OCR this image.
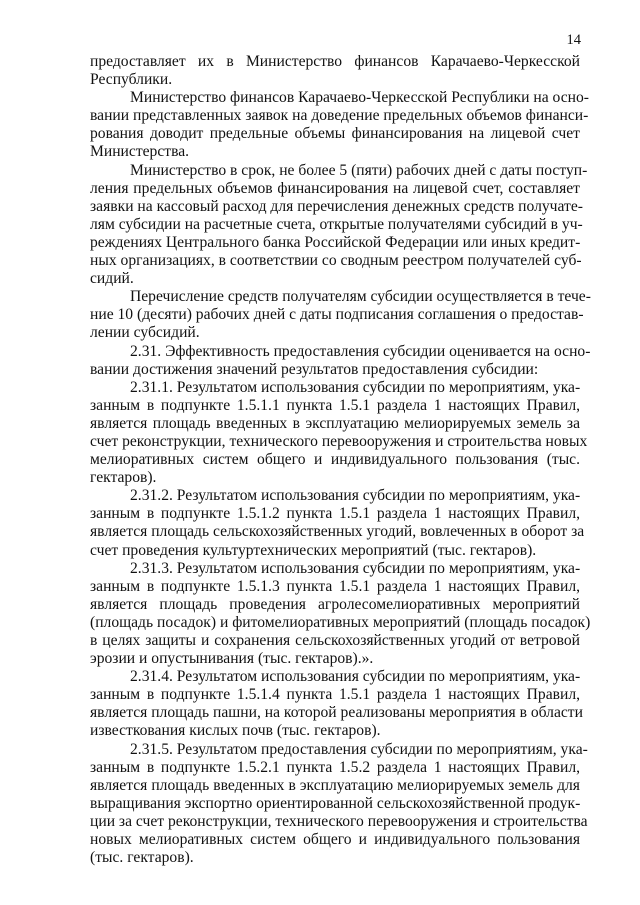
14
предоставляет их в Министерство финансов Карачаево-Черкесской
Республики.
Министерство финансов Карачаево-Черкесской Республики на осно-
вании представленных заявок на доведение предельных объемов финанси-
рования доводит предельные объемы финансирования на лицевой счет
Министерства.
Министерство в срок, не более 5 (пяти) рабочих дней с даты поступ-
ления предельных объемов финансирования на лицевой счет, составляет
заявки на кассовый расход для перечисления денежных средств получате-
лям субсидии на расчетные счета, открытые получателями субсидий в уч-
реждениях Центрального банка Российской Федерации или иных кредит-
ных организациях, в соответствии со сводным реестром получателей суб-
сидий.
Перечисление средств получателям субсидии осуществляется в тече-
ние 10 (десяти) рабочих дней с даты подписания соглашения о предостав-
лении субсидий.
2.31. Эффективность предоставления субсидии оценивается на осно-
вании достижения значений результатов предоставления субсидии:
2.31.1. Результатом использования субсидии по мероприятиям, ука-
занным в подпункте 1.5.1.1 пункта 1.5.1 раздела 1 настоящих Правил,
является площадь введенных в эксплуатацию мелиорируемых земель за
счет реконструкции, технического перевооружения и строительства новых
мелиоративных систем общего и индивидуального пользования (тыс.
гектаров).
2.31.2. Результатом использования субсидии по мероприятиям, ука-
занным в подпункте 1.5.1.2 пункта 1.5.1 раздела 1 настоящих Правил,
является площадь сельскохозяйственных угодий, вовлеченных в оборот за
счет проведения культуртехнических мероприятий (тыс. гектаров).
2.31.3. Результатом использования субсидии по мероприятиям, ука-
занным в подпункте 1.5.1.3 пункта 1.5.1 раздела 1 настоящих Правил,
является площадь проведения агролесомелиоративных мероприятий
(площадь посадок) и фитомелиоративных мероприятий (площадь посадок)
в целях защиты и сохранения сельскохозяйственных угодий от ветровой
эрозии и опустынивания (тыс. гектаров).».
2.31.4. Результатом использования субсидии по мероприятиям, ука-
занным в подпункте 1.5.1.4 пункта 1.5.1 раздела 1 настоящих Правил,
является площадь пашни, на которой реализованы мероприятия в области
известкования кислых почв (тыс. гектаров).
2.31.5. Результатом предоставления субсидии по мероприятиям, ука-
занным в подпункте 1.5.2.1 пункта 1.5.2 раздела 1 настоящих Правил,
является площадь введенных в эксплуатацию мелиорируемых земель для
выращивания экспортно ориентированной сельскохозяйственной продук-
ции за счет реконструкции, технического перевооружения и строительства
новых мелиоративных систем общего и индивидуального пользования
(тыс. гектаров).
